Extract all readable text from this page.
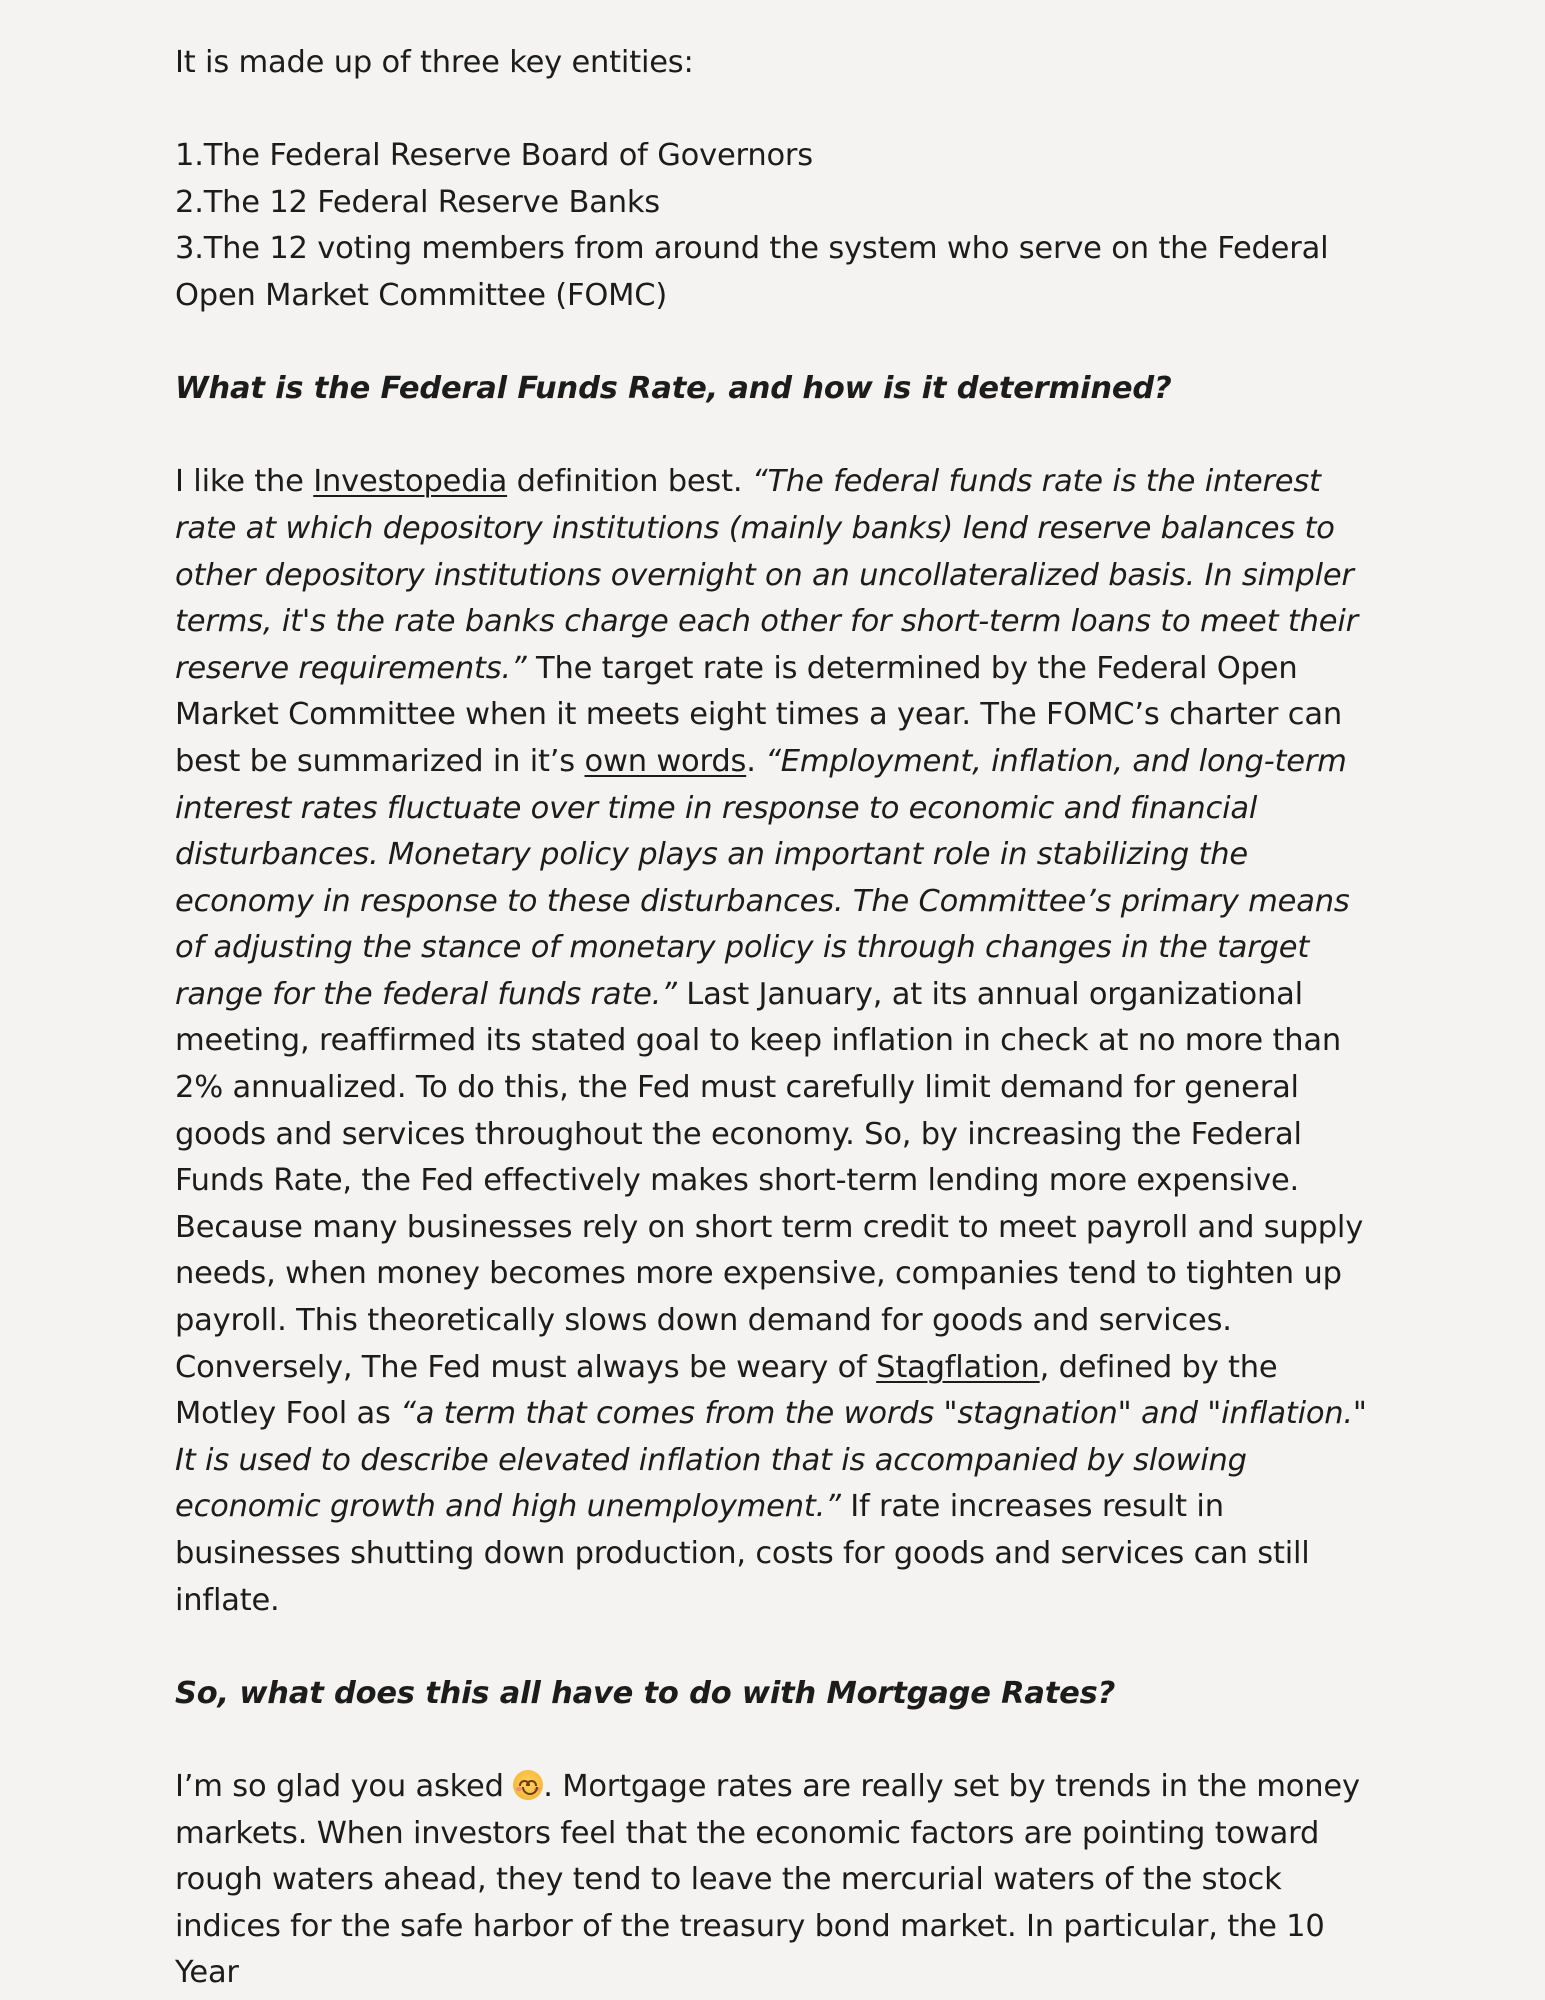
It is made up of three key entities:

1.The Federal Reserve Board of Governors

2.The 12 Federal Reserve Banks

3.The 12 voting members from around the system who serve on the Federal Open Market Committee (FOMC)

What is the Federal Funds Rate, and how is it determined?

I like the Investopedia definition best. “The federal funds rate is the interest rate at which depository institutions (mainly banks) lend reserve balances to other depository institutions overnight on an uncollateralized basis. In simpler terms, it's the rate banks charge each other for short-term loans to meet their reserve requirements.” The target rate is determined by the Federal Open Market Committee when it meets eight times a year. The FOMC’s charter can best be summarized in it’s own words. “Employment, inflation, and long-term interest rates fluctuate over time in response to economic and financial disturbances. Monetary policy plays an important role in stabilizing the economy in response to these disturbances. The Committee’s primary means of adjusting the stance of monetary policy is through changes in the target range for the federal funds rate.” Last January, at its annual organizational meeting, reaffirmed its stated goal to keep inflation in check at no more than 2% annualized. To do this, the Fed must carefully limit demand for general goods and services throughout the economy. So, by increasing the Federal Funds Rate, the Fed effectively makes short-term lending more expensive. Because many businesses rely on short term credit to meet payroll and supply needs, when money becomes more expensive, companies tend to tighten up payroll. This theoretically slows down demand for goods and services. Conversely, The Fed must always be weary of Stagflation, defined by the Motley Fool as “a term that comes from the words "stagnation" and "inflation." It is used to describe elevated inflation that is accompanied by slowing economic growth and high unemployment.” If rate increases result in businesses shutting down production, costs for goods and services can still inflate.

So, what does this all have to do with Mortgage Rates?

I’m so glad you asked
. Mortgage rates are really set by trends in the money markets. When investors feel that the economic factors are pointing toward rough waters ahead, they tend to leave the mercurial waters of the stock indices for the safe harbor of the treasury bond market. In particular, the 10 Year
